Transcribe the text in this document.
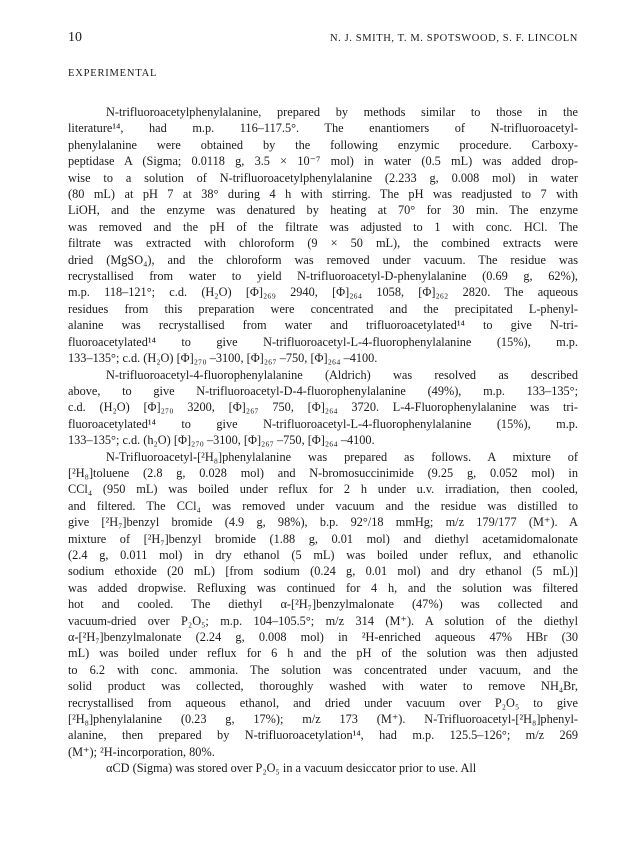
10	N. J. SMITH, T. M. SPOTSWOOD, S. F. LINCOLN
EXPERIMENTAL
N-trifluoroacetylphenylalanine, prepared by methods similar to those in the
literature¹⁴, had m.p. 116–117.5°. The enantiomers of N-trifluoroacetyl-
phenylalanine were obtained by the following enzymic procedure. Carboxy-
peptidase A (Sigma; 0.0118 g, 3.5 × 10⁻⁷ mol) in water (0.5 mL) was added drop-
wise to a solution of N-trifluoroacetylphenylalanine (2.233 g, 0.008 mol) in water
(80 mL) at pH 7 at 38° during 4 h with stirring. The pH was readjusted to 7 with
LiOH, and the enzyme was denatured by heating at 70° for 30 min. The enzyme
was removed and the pH of the filtrate was adjusted to 1 with conc. HCl. The
filtrate was extracted with chloroform (9 × 50 mL), the combined extracts were
dried (MgSO₄), and the chloroform was removed under vacuum. The residue was
recrystallised from water to yield N-trifluoroacetyl-D-phenylalanine (0.69 g, 62%),
m.p. 118–121°; c.d. (H₂O) [Φ]₂₆₉ 2940, [Φ]₂₆₄ 1058, [Φ]₂₆₂ 2820. The aqueous
residues from this preparation were concentrated and the precipitated L-phenyl-
alanine was recrystallised from water and trifluoroacetylated¹⁴ to give N-tri-
fluoroacetylated¹⁴ to give N-trifluoroacetyl-L-4-fluorophenylalanine (15%), m.p.
133–135°; c.d. (H₂O) [Φ]₂₇₀ –3100, [Φ]₂₆₇ –750, [Φ]₂₆₄ –4100.
N-trifluoroacetyl-4-fluorophenylalanine (Aldrich) was resolved as described
above, to give N-trifluoroacetyl-D-4-fluorophenylalanine (49%), m.p. 133–135°;
c.d. (H₂O) [Φ]₂₇₀ 3200, [Φ]₂₆₇ 750, [Φ]₂₆₄ 3720. L-4-Fluorophenylalanine was tri-
fluoroacetylated¹⁴ to give N-trifluoroacetyl-L-4-fluorophenylalanine (15%), m.p.
133–135°; c.d. (h₂O) [Φ]₂₇₀ –3100, [Φ]₂₆₇ –750, [Φ]₂₆₄ –4100.
N-Trifluoroacetyl-[²H₈]phenylalanine was prepared as follows. A mixture of
[²H₈]toluene (2.8 g, 0.028 mol) and N-bromosuccinimide (9.25 g, 0.052 mol) in
CCl₄ (950 mL) was boiled under reflux for 2 h under u.v. irradiation, then cooled,
and filtered. The CCl₄ was removed under vacuum and the residue was distilled to
give [²H₇]benzyl bromide (4.9 g, 98%), b.p. 92°/18 mmHg; m/z 179/177 (M⁺). A
mixture of [²H₇]benzyl bromide (1.88 g, 0.01 mol) and diethyl acetamidomalonate
(2.4 g, 0.011 mol) in dry ethanol (5 mL) was boiled under reflux, and ethanolic
sodium ethoxide (20 mL) [from sodium (0.24 g, 0.01 mol) and dry ethanol (5 mL)]
was added dropwise. Refluxing was continued for 4 h, and the solution was filtered
hot and cooled. The diethyl α-[²H₇]benzylmalonate (47%) was collected and
vacuum-dried over P₂O₅; m.p. 104–105.5°; m/z 314 (M⁺). A solution of the diethyl
α-[²H₇]benzylmalonate (2.24 g, 0.008 mol) in ²H-enriched aqueous 47% HBr (30
mL) was boiled under reflux for 6 h and the pH of the solution was then adjusted
to 6.2 with conc. ammonia. The solution was concentrated under vacuum, and the
solid product was collected, thoroughly washed with water to remove NH₄Br,
recrystallised from aqueous ethanol, and dried under vacuum over P₂O₅ to give
[²H₈]phenylalanine (0.23 g, 17%); m/z 173 (M⁺). N-Trifluoroacetyl-[²H₈]phenyl-
alanine, then prepared by N-trifluoroacetylation¹⁴, had m.p. 125.5–126°; m/z 269
(M⁺); ²H-incorporation, 80%.
αCD (Sigma) was stored over P₂O₅ in a vacuum desiccator prior to use. All
